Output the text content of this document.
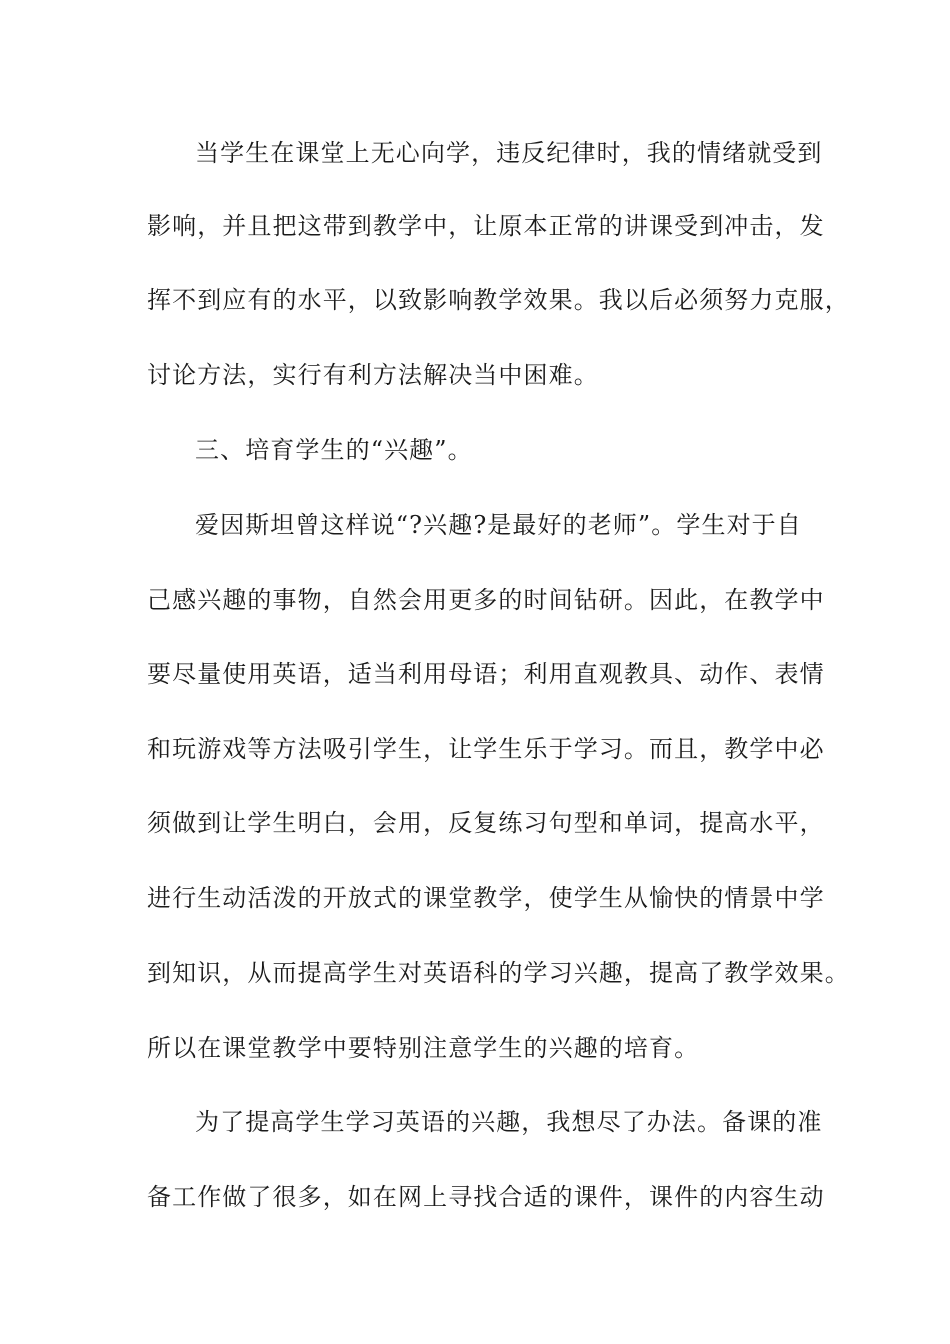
当学生在课堂上无心向学，违反纪律时，我的情绪就受到
影响，并且把这带到教学中，让原本正常的讲课受到冲击，发
挥不到应有的水平，以致影响教学效果。我以后必须努力克服，
讨论方法，实行有利方法解决当中困难。
三、培育学生的“兴趣”。
爱因斯坦曾这样说“?兴趣?是最好的老师”。学生对于自
己感兴趣的事物，自然会用更多的时间钻研。因此，在教学中
要尽量使用英语，适当利用母语；利用直观教具、动作、表情
和玩游戏等方法吸引学生，让学生乐于学习。而且，教学中必
须做到让学生明白，会用，反复练习句型和单词，提高水平，
进行生动活泼的开放式的课堂教学，使学生从愉快的情景中学
到知识，从而提高学生对英语科的学习兴趣，提高了教学效果。
所以在课堂教学中要特别注意学生的兴趣的培育。
为了提高学生学习英语的兴趣，我想尽了办法。备课的准
备工作做了很多，如在网上寻找合适的课件，课件的内容生动
